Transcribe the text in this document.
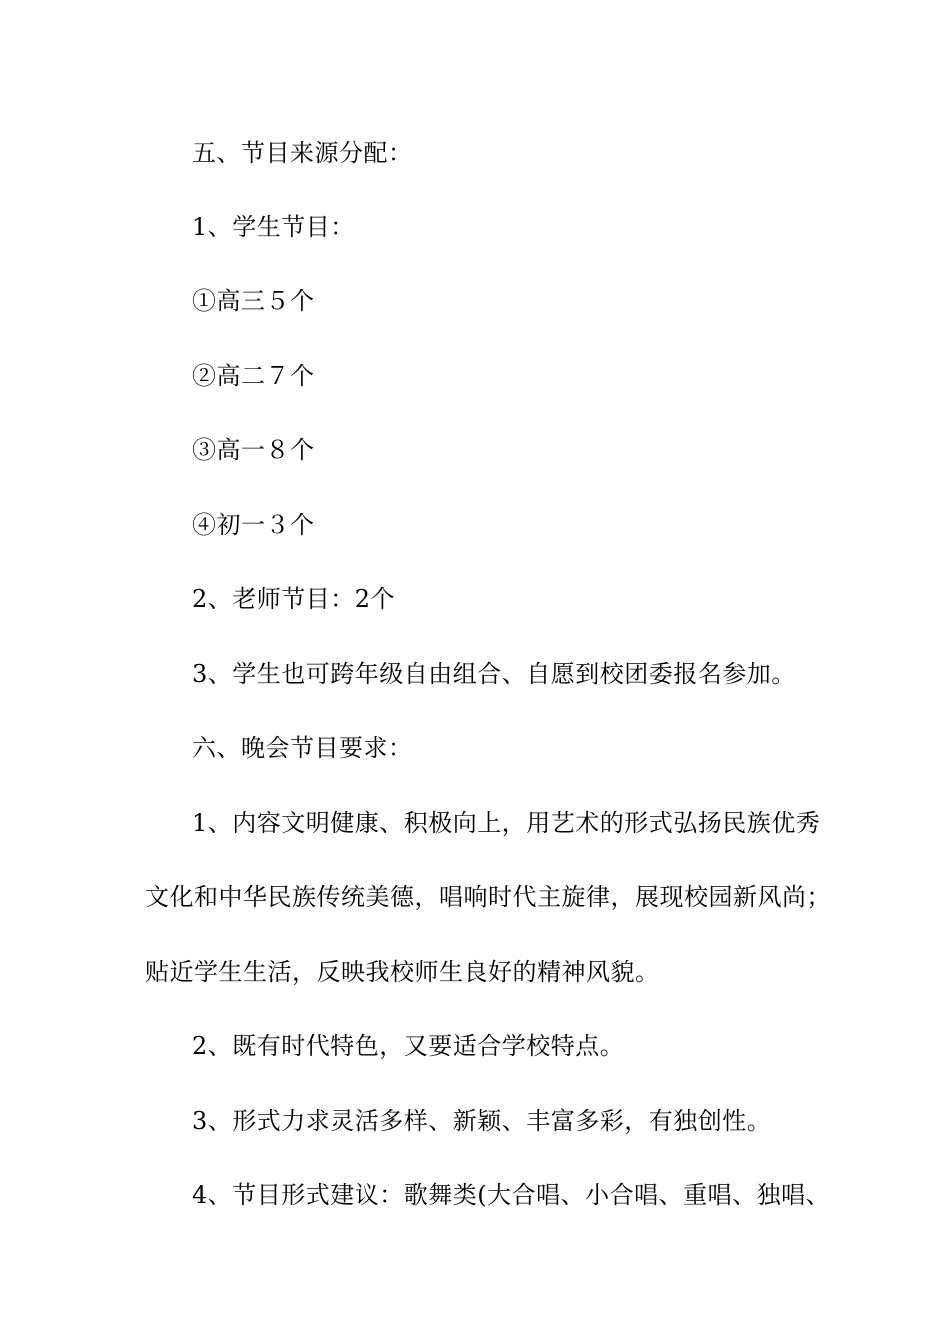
五、节目来源分配：
1、学生节目：
①高三５个
②高二７个
③高一８个
④初一３个
2、老师节目：2个
3、学生也可跨年级自由组合、自愿到校团委报名参加。
六、晚会节目要求：
1、内容文明健康、积极向上，用艺术的形式弘扬民族优秀
文化和中华民族传统美德，唱响时代主旋律，展现校园新风尚；
贴近学生生活，反映我校师生良好的精神风貌。
2、既有时代特色，又要适合学校特点。
3、形式力求灵活多样、新颖、丰富多彩，有独创性。
4、节目形式建议：歌舞类(大合唱、小合唱、重唱、独唱、
